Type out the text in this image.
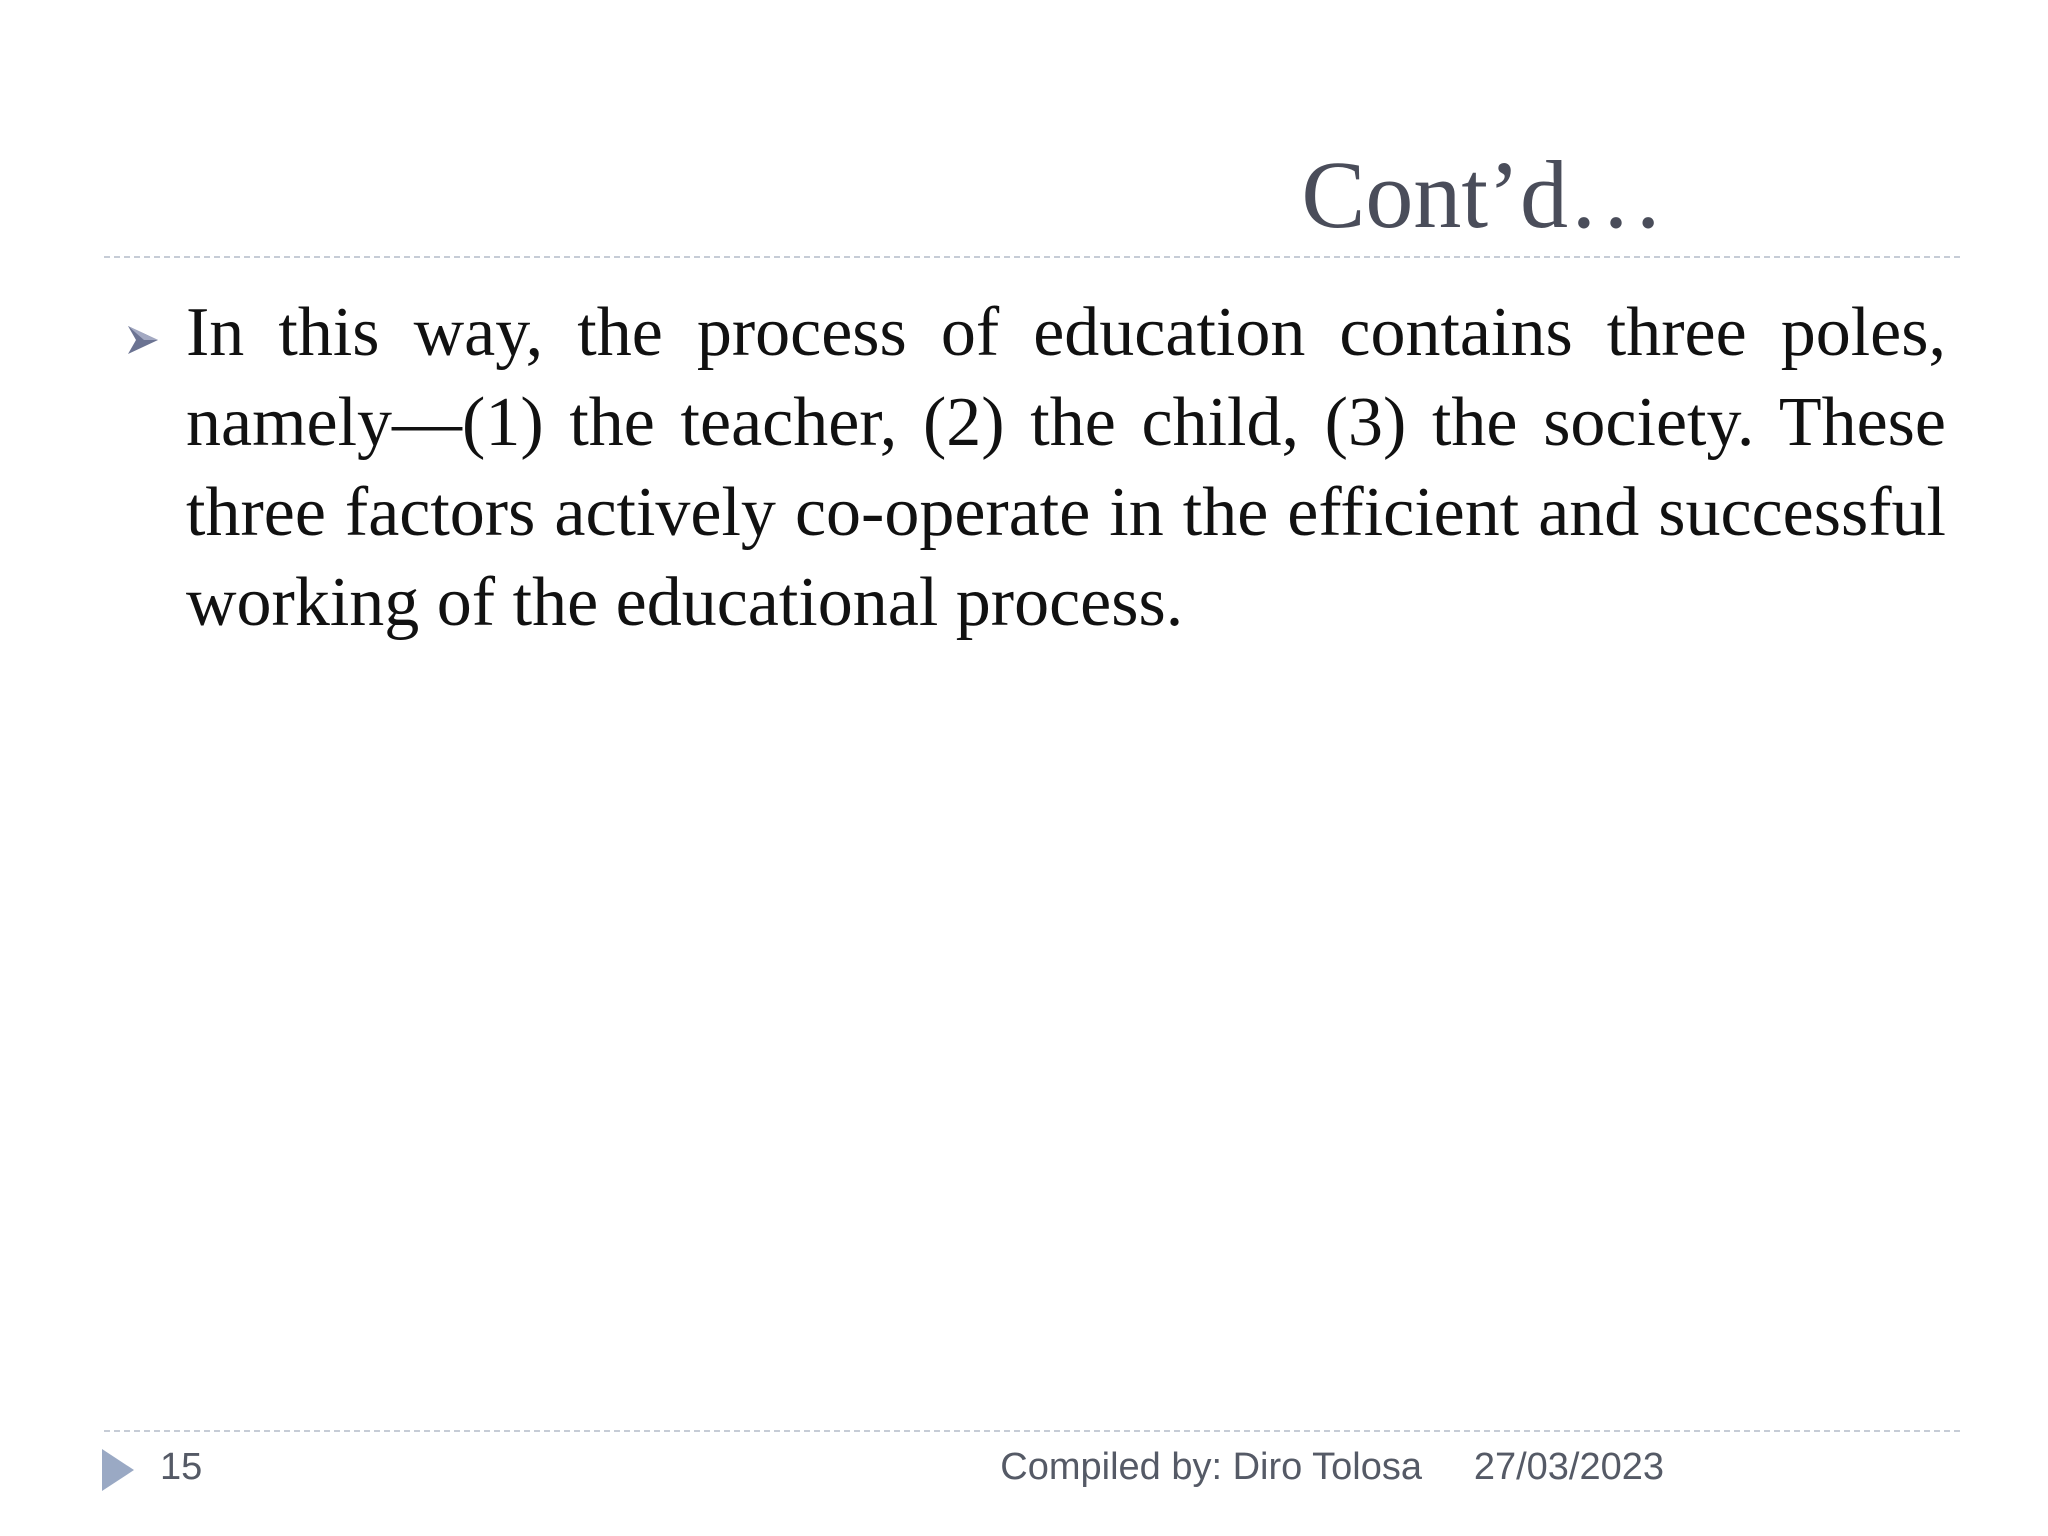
Cont’d…
In this way, the process of education contains three poles, namely—(1) the teacher, (2) the child, (3) the society. These three factors actively co-operate in the efficient and successful working of the educational process.
15	Compiled by: Diro Tolosa 27/03/2023
